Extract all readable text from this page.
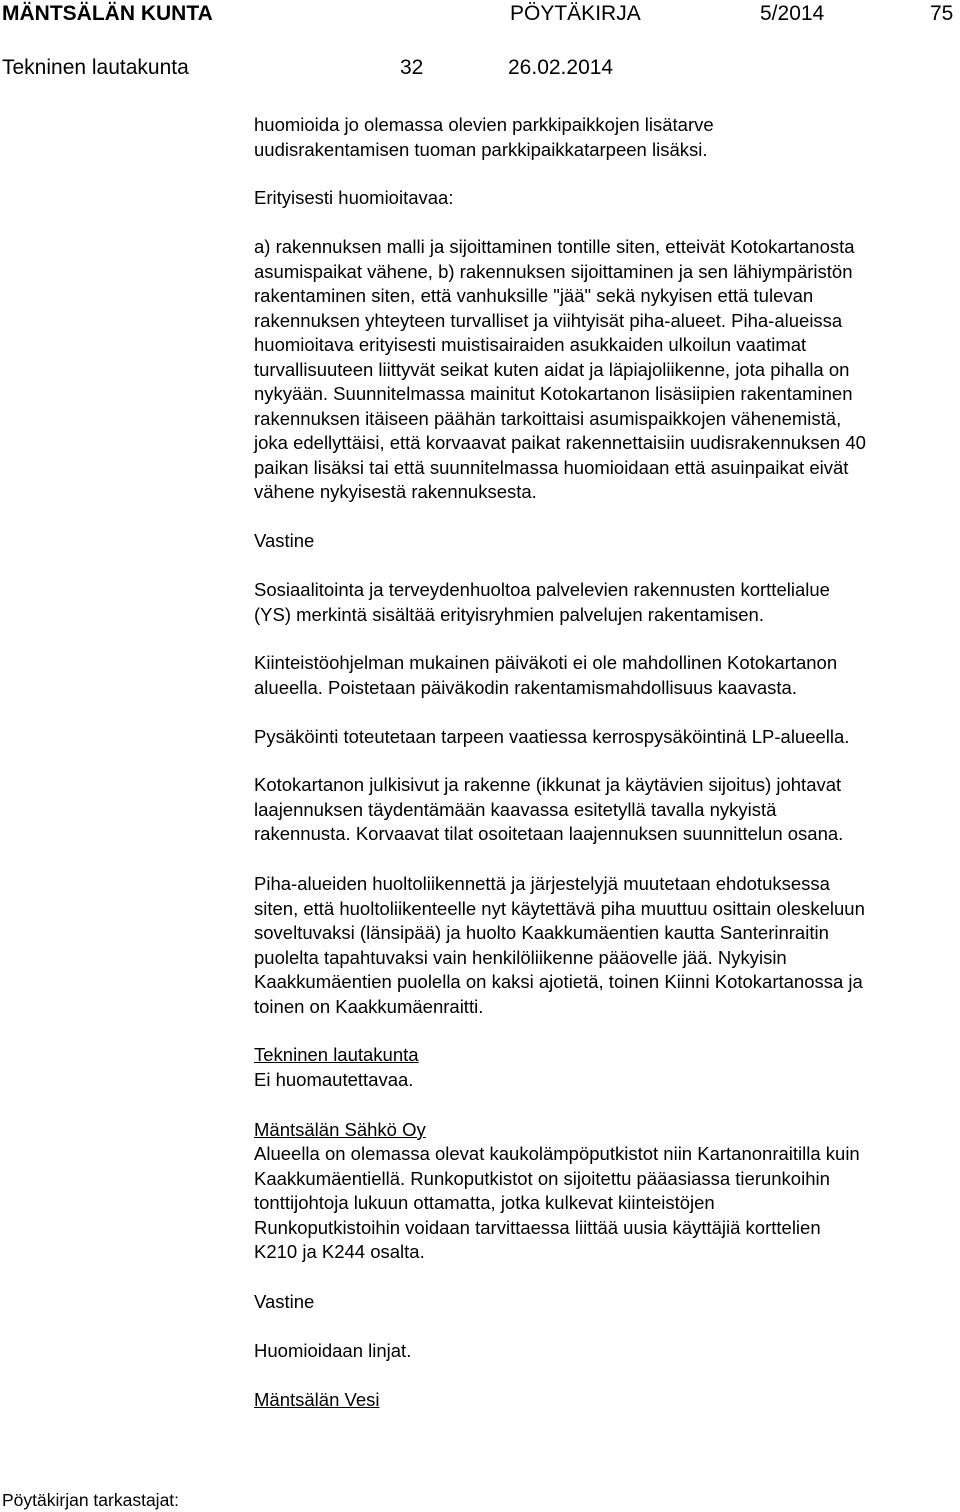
MÄNTSÄLÄN KUNTA	PÖYTÄKIRJA	5/2014	75
Tekninen lautakunta	32	26.02.2014
huomioida jo olemassa olevien parkkipaikkojen lisätarve
uudisrakentamisen tuoman parkkipaikkatarpeen lisäksi.
Erityisesti huomioitavaa:
a) rakennuksen malli ja sijoittaminen tontille siten, etteivät Kotokartanosta
asumispaikat vähene, b) rakennuksen sijoittaminen ja sen lähiympäristön
rakentaminen siten, että vanhuksille "jää" sekä nykyisen että tulevan
rakennuksen yhteyteen turvalliset ja viihtyisät piha-alueet. Piha-alueissa
huomioitava erityisesti muistisairaiden asukkaiden ulkoilun vaatimat
turvallisuuteen liittyvät seikat kuten aidat ja läpiajoliikenne, jota pihalla on
nykyään. Suunnitelmassa mainitut Kotokartanon lisäsiipien rakentaminen
rakennuksen itäiseen päähän tarkoittaisi asumispaikkojen vähenemistä,
joka edellyttäisi, että korvaavat paikat rakennettaisiin uudisrakennuksen 40
paikan lisäksi tai että suunnitelmassa huomioidaan että asuinpaikat eivät
vähene nykyisestä rakennuksesta.
Vastine
Sosiaalitointa ja terveydenhuoltoa palvelevien rakennusten korttelialue
(YS) merkintä sisältää erityisryhmien palvelujen rakentamisen.
Kiinteistöohjelman mukainen päiväkoti ei ole mahdollinen Kotokartanon
alueella. Poistetaan päiväkodin rakentamismahdollisuus kaavasta.
Pysäköinti toteutetaan tarpeen vaatiessa kerrospysäköintinä LP-alueella.
Kotokartanon julkisivut ja rakenne (ikkunat ja käytävien sijoitus) johtavat
laajennuksen täydentämään kaavassa esitetyllä tavalla nykyistä
rakennusta. Korvaavat tilat osoitetaan laajennuksen suunnittelun osana.
Piha-alueiden huoltoliikennettä ja järjestelyjä muutetaan ehdotuksessa
siten, että huoltoliikenteelle nyt käytettävä piha muuttuu osittain oleskeluun
soveltuvaksi (länsipää) ja huolto Kaakkumäentien kautta Santerinraitin
puolelta tapahtuvaksi vain henkilöliikenne pääovelle jää. Nykyisin
Kaakkumäentien puolella on kaksi ajotietä, toinen Kiinni Kotokartanossa ja
toinen on Kaakkumäenraitti.
Tekninen lautakunta
Ei huomautettavaa.
Mäntsälän Sähkö Oy
Alueella on olemassa olevat kaukolämpöputkistot niin Kartanonraitilla kuin
Kaakkumäentiellä. Runkoputkistot on sijoitettu pääasiassa tierunkoihin
tonttijohtoja lukuun ottamatta, jotka kulkevat kiinteistöjen
Runkoputkistoihin voidaan tarvittaessa liittää uusia käyttäjiä korttelien
K210 ja K244 osalta.
Vastine
Huomioidaan linjat.
Mäntsälän Vesi
Pöytäkirjan tarkastajat:
